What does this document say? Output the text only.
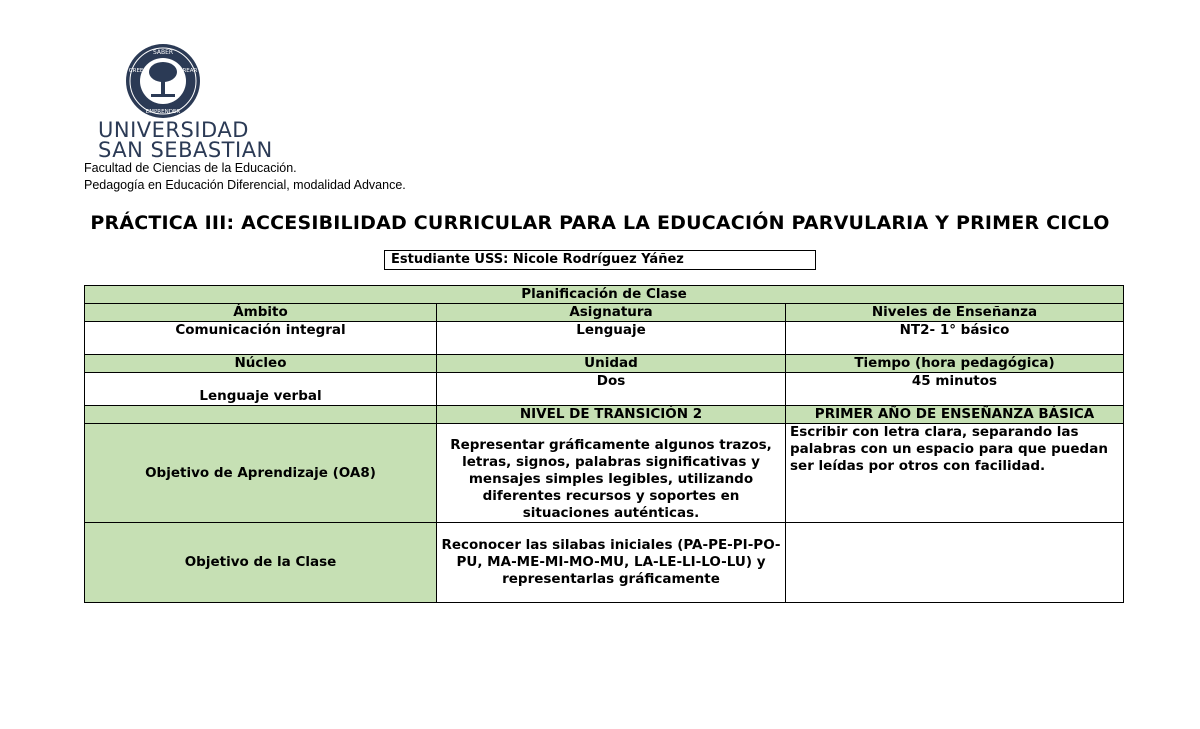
SABER
CREER	CREAR
EMPRENDER
UNIVERSIDAD
SAN SEBASTIAN
Facultad de Ciencias de la Educación.
Pedagogía en Educación Diferencial, modalidad Advance.
PRÁCTICA III: ACCESIBILIDAD CURRICULAR PARA LA EDUCACIÓN PARVULARIA Y PRIMER CICLO
Estudiante USS: Nicole Rodríguez Yáñez
Planificación de Clase		
Ámbito	Asignatura	Niveles de Enseñanza
Comunicación integral	Lenguaje	NT2- 1° básico
Núcleo	Unidad	Tiempo (hora pedagógica)
Lenguaje verbal	Dos	45 minutos
	NIVEL DE TRANSICIÓN 2	PRIMER AÑO DE ENSEÑANZA BÁSICA
Objetivo de Aprendizaje (OA8)	Representar gráficamente algunos trazos, letras, signos, palabras significativas y mensajes simples legibles, utilizando diferentes recursos y soportes en situaciones auténticas.	Escribir con letra clara, separando las palabras con un espacio para que puedan ser leídas por otros con facilidad.
Objetivo de la Clase	Reconocer las silabas iniciales (PA-PE-PI-PO-PU, MA-ME-MI-MO-MU, LA-LE-LI-LO-LU) y representarlas gráficamente	
